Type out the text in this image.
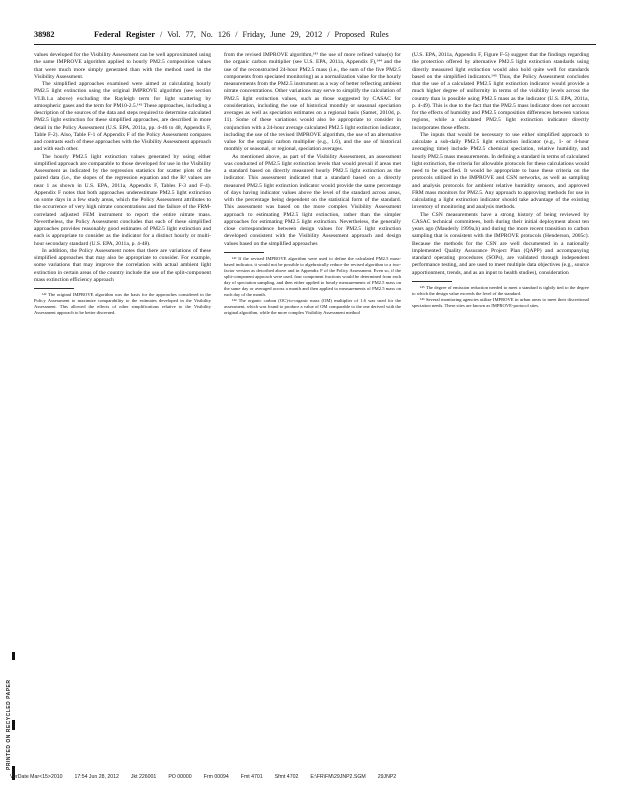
38982	Federal Register / Vol. 77, No. 126 / Friday, June 29, 2012 / Proposed Rules

values developed for the Visibility Assessment can be well approximated using the same IMPROVE algorithm applied to hourly PM2.5 composition values that were much more simply generated than with the method used in the Visibility Assessment.

The simplified approaches examined were aimed at calculating hourly PM2.5 light extinction using the original IMPROVE algorithm (see section VI.B.1.a above) excluding the Rayleigh term for light scattering by atmospheric gases and the term for PM10-2.5.¹⁴² These approaches, including a description of the sources of the data and steps required to determine calculated PM2.5 light extinction for these simplified approaches, are described in more detail in the Policy Assessment (U.S. EPA, 2011a, pp. 4-46 to 48, Appendix F, Table F-2). Also, Table F-1 of Appendix F of the Policy Assessment compares and contrasts each of these approaches with the Visibility Assessment approach and with each other.

The hourly PM2.5 light extinction values generated by using either simplified approach are comparable to those developed for use in the Visibility Assessment as indicated by the regression statistics for scatter plots of the paired data (i.e., the slopes of the regression equation and the R² values are near 1 as shown in U.S. EPA, 2011a, Appendix F, Tables F-3 and F-4). Appendix F notes that both approaches underestimate PM2.5 light extinction on some days in a few study areas, which the Policy Assessment attributes to the occurrence of very high nitrate concentrations and the failure of the FRM-correlated adjusted FEM instrument to report the entire nitrate mass. Nevertheless, the Policy Assessment concludes that each of these simplified approaches provides reasonably good estimates of PM2.5 light extinction and each is appropriate to consider as the indicator for a distinct hourly or multi-hour secondary standard (U.S. EPA, 2011a, p. 4-48).

In addition, the Policy Assessment notes that there are variations of these simplified approaches that may also be appropriate to consider. For example, some variations that may improve the correlation with actual ambient light extinction in certain areas of the country include the use of the split-component mass extinction efficiency approach

¹⁴² The original IMPROVE algorithm was the basis for the approaches considered in the Policy Assessment to maximize comparability to the estimates developed in the Visibility Assessment. This allowed the effects of other simplifications relative to the Visibility Assessment approach to be better discerned.

from the revised IMPROVE algorithm,¹⁴³ the use of more refined value(s) for the organic carbon multiplier (see U.S. EPA, 2011a, Appendix F),¹⁴⁴ and the use of the reconstructed 24-hour PM2.5 mass (i.e., the sum of the five PM2.5 components from speciated monitoring) as a normalization value for the hourly measurements from the PM2.5 instrument as a way of better reflecting ambient nitrate concentrations. Other variations may serve to simplify the calculation of PM2.5 light extinction values, such as those suggested by CASAC for consideration, including the use of historical monthly or seasonal speciation averages as well as speciation estimates on a regional basis (Samet, 2010d, p. 11). Some of these variations would also be appropriate to consider in conjunction with a 24-hour average calculated PM2.5 light extinction indicator, including the use of the revised IMPROVE algorithm, the use of an alternative value for the organic carbon multiplier (e.g., 1.6), and the use of historical monthly or seasonal, or regional, speciation averages.

As mentioned above, as part of the Visibility Assessment, an assessment was conducted of PM2.5 light extinction levels that would prevail if areas met a standard based on directly measured hourly PM2.5 light extinction as the indicator. This assessment indicated that a standard based on a directly measured PM2.5 light extinction indicator would provide the same percentage of days having indicator values above the level of the standard across areas, with the percentage being dependent on the statistical form of the standard. This assessment was based on the more complex Visibility Assessment approach to estimating PM2.5 light extinction, rather than the simpler approaches for estimating PM2.5 light extinction. Nevertheless, the generally close correspondence between design values for PM2.5 light extinction developed consistent with the Visibility Assessment approach and design values based on the simplified approaches

¹⁴³ If the revised IMPROVE algorithm were used to define the calculated PM2.5 mass-based indicator, it would not be possible to algebraically reduce the revised algorithm to a two-factor version as described above and in Appendix F of the Policy Assessment. Even so, if the split-component approach were used, four component fractions would be determined from each day of speciation sampling, and then either applied to hourly measurements of PM2.5 mass on the same day or averaged across a month and then applied to measurements of PM2.5 mass on each day of the month.

¹⁴⁴ The organic carbon (OC)-to-organic mass (OM) multiplier of 1.6 was used for the assessment, which was found to produce a value of OM comparable to the one derived with the original algorithm, while the more complex Visibility Assessment method

(U.S. EPA, 2011a, Appendix F, Figure F-5) suggest that the findings regarding the protection offered by alternative PM2.5 light extinction standards using directly measured light extinction would also hold quite well for standards based on the simplified indicators.¹⁴⁵ Thus, the Policy Assessment concludes that the use of a calculated PM2.5 light extinction indicator would provide a much higher degree of uniformity in terms of the visibility levels across the country than is possible using PM2.5 mass as the indicator (U.S. EPA, 2011a, p. 4-49). This is due to the fact that the PM2.5 mass indicator does not account for the effects of humidity and PM2.5 composition differences between various regions, while a calculated PM2.5 light extinction indicator directly incorporates those effects.

The inputs that would be necessary to use either simplified approach to calculate a sub-daily PM2.5 light extinction indicator (e.g., 1- or 4-hour averaging time) include PM2.5 chemical speciation, relative humidity, and hourly PM2.5 mass measurements. In defining a standard in terms of calculated light extinction, the criteria for allowable protocols for these calculations would need to be specified. It would be appropriate to base these criteria on the protocols utilized in the IMPROVE and CSN networks, as well as sampling and analysis protocols for ambient relative humidity sensors, and approved FRM mass monitors for PM2.5. Any approach to approving methods for use in calculating a light extinction indicator should take advantage of the existing inventory of monitoring and analysis methods.

The CSN measurements have a strong history of being reviewed by CASAC technical committees, both during their initial deployment about ten years ago (Mauderly 1999a,b) and during the more recent transition to carbon sampling that is consistent with the IMPROVE protocols (Henderson, 2005c). Because the methods for the CSN are well documented in a nationally implemented Quality Assurance Project Plan (QAPP) and accompanying standard operating procedures (SOPs), are validated through independent performance testing, and are used to meet multiple data objectives (e.g., source apportionment, trends, and as an input to health studies), consideration

¹⁴⁵ The degree of emission reduction needed to meet a standard is tightly tied to the degree to which the design value exceeds the level of the standard.

¹⁴⁶ Several monitoring agencies utilize IMPROVE in urban areas to meet their discretional speciation needs. These sites are known as IMPROVE-protocol sites.

PRINTED ON RECYCLED PAPER
VerDate Mar<15>2010 17:54 Jun 28, 2012 Jkt 226001 PO 00000 Frm 00094 Fmt 4701 Sfmt 4702 E:\FR\FM\29JNP2.SGM 29JNP2
